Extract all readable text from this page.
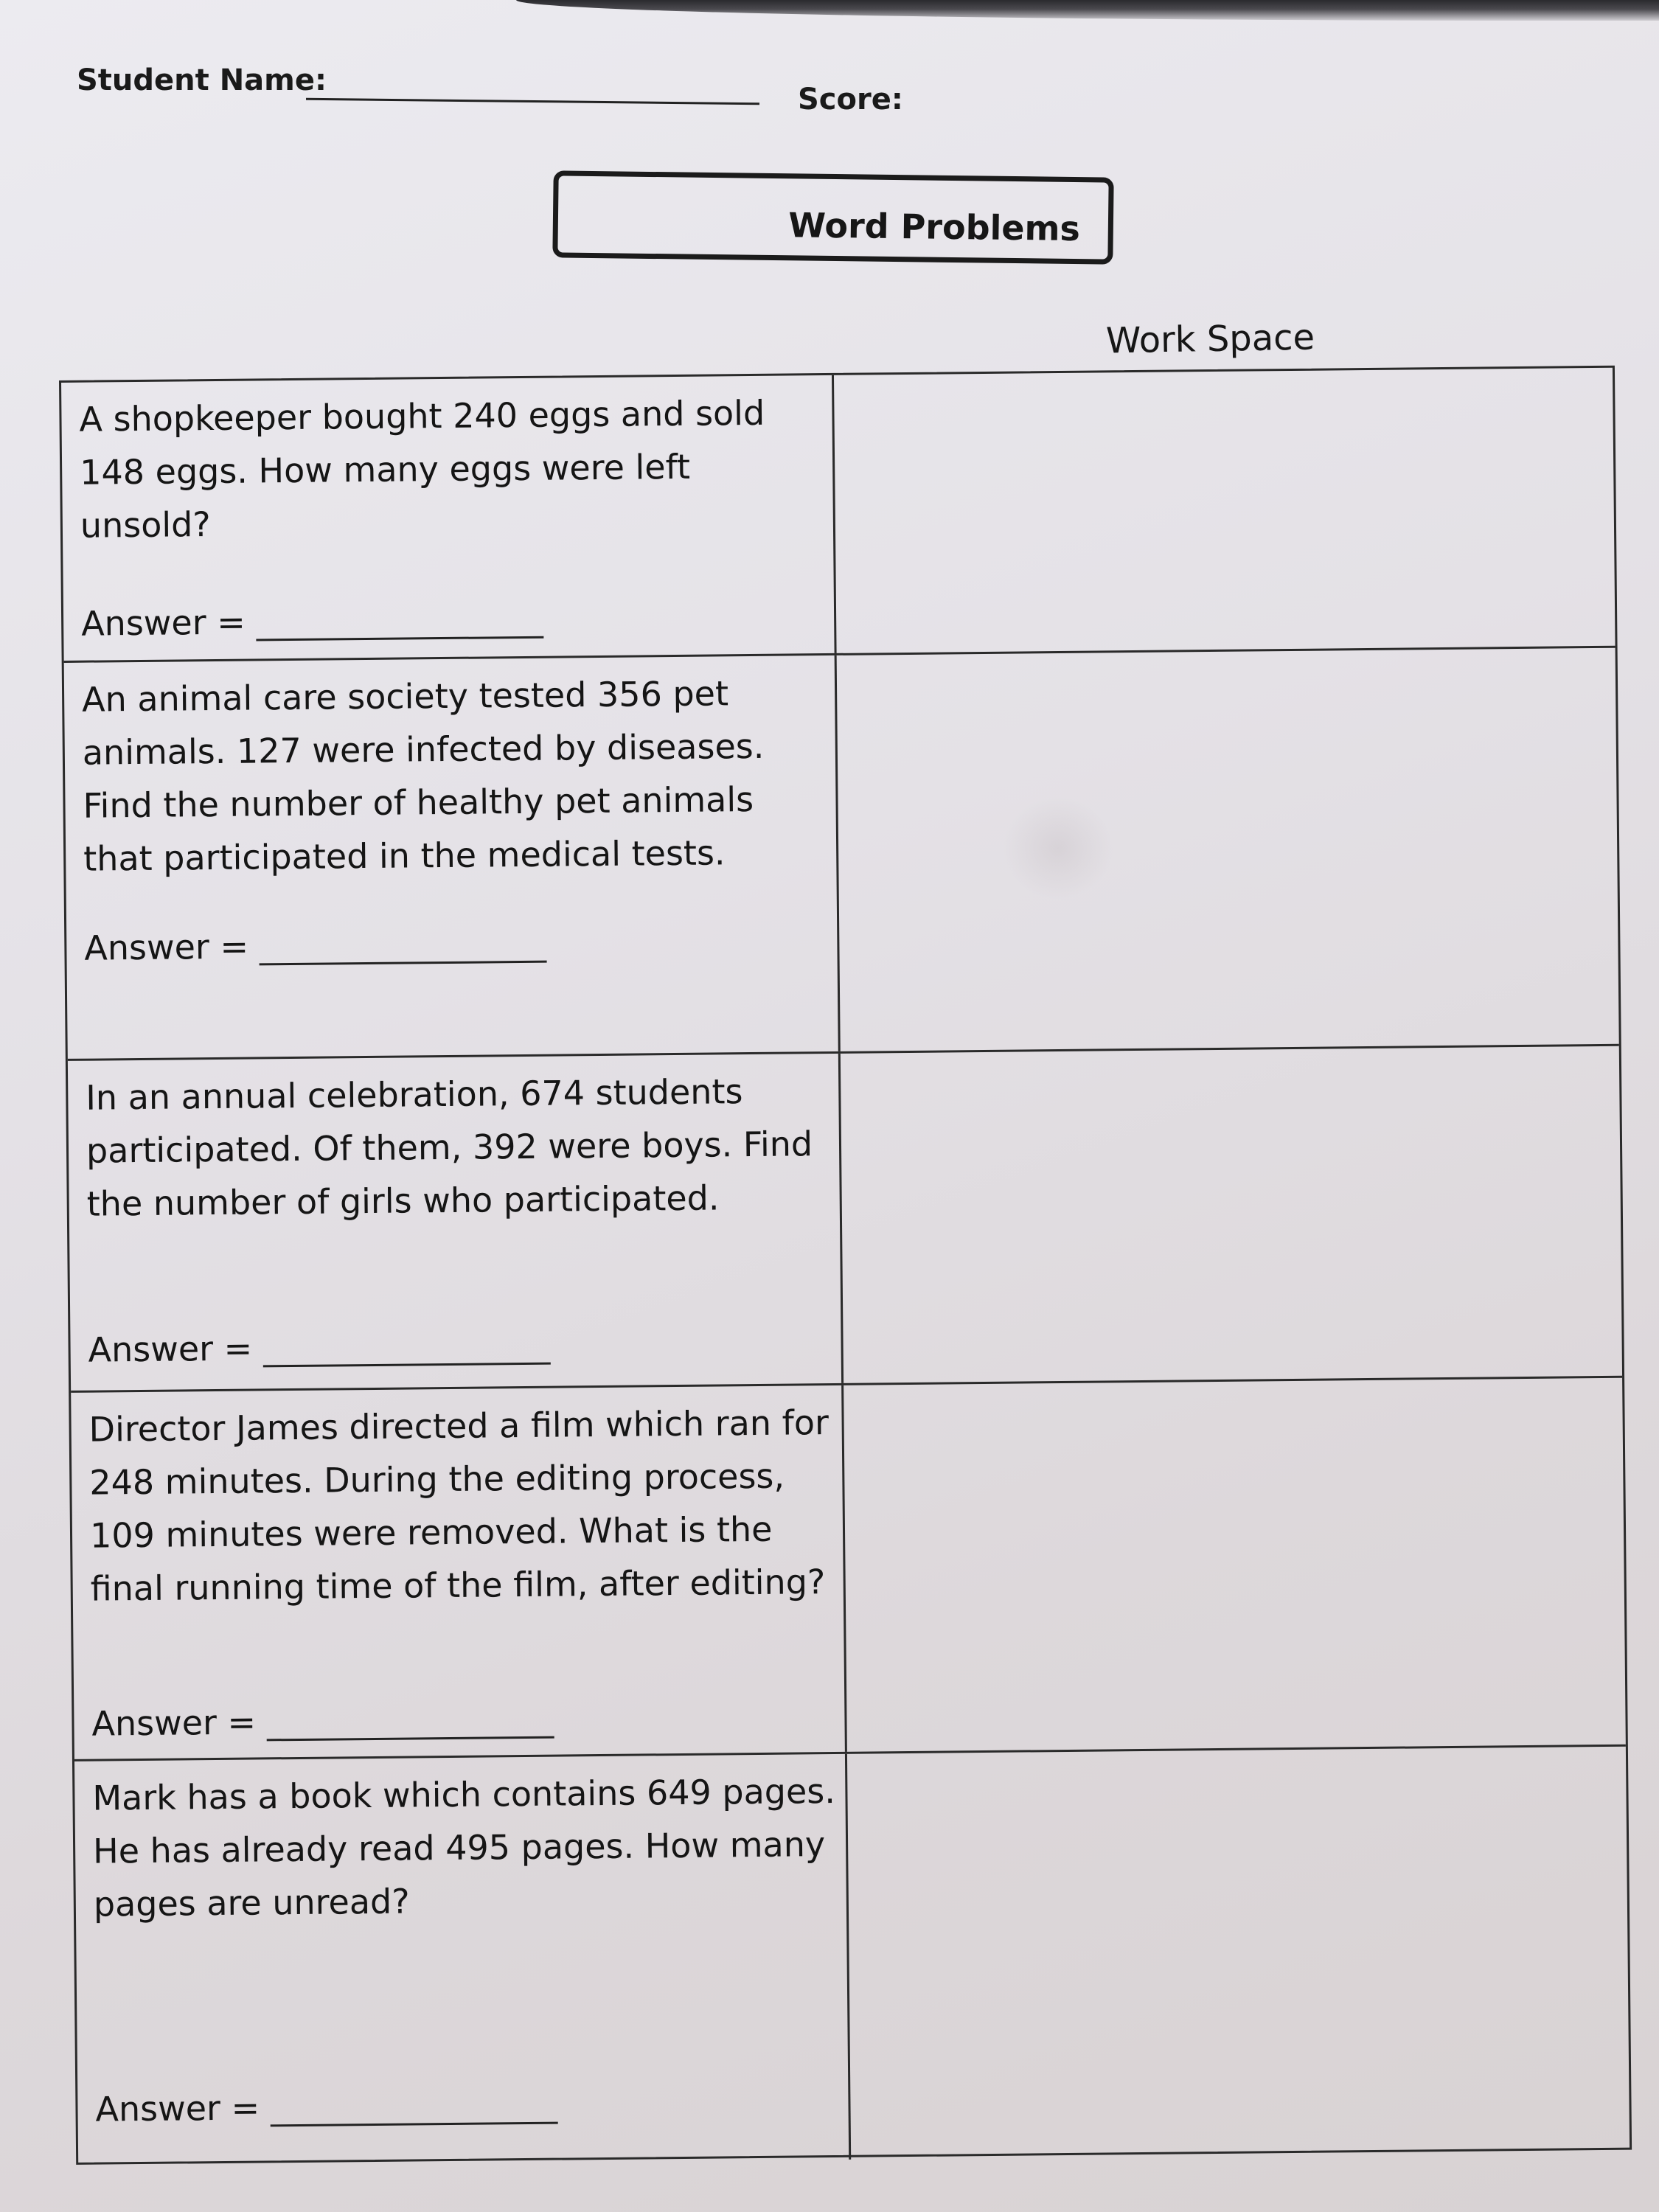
Student Name:
Score:
Word Problems
Work Space
A shopkeeper bought 240 eggs and sold 148 eggs. How many eggs were left unsold?
Answer =
An animal care society tested 356 pet animals. 127 were infected by diseases. Find the number of healthy pet animals that participated in the medical tests.
Answer =
In an annual celebration, 674 students participated. Of them, 392 were boys. Find the number of girls who participated.
Answer =
Director James directed a film which ran for 248 minutes. During the editing process, 109 minutes were removed. What is the final running time of the film, after editing?
Answer =
Mark has a book which contains 649 pages. He has already read 495 pages. How many pages are unread?
Answer =
